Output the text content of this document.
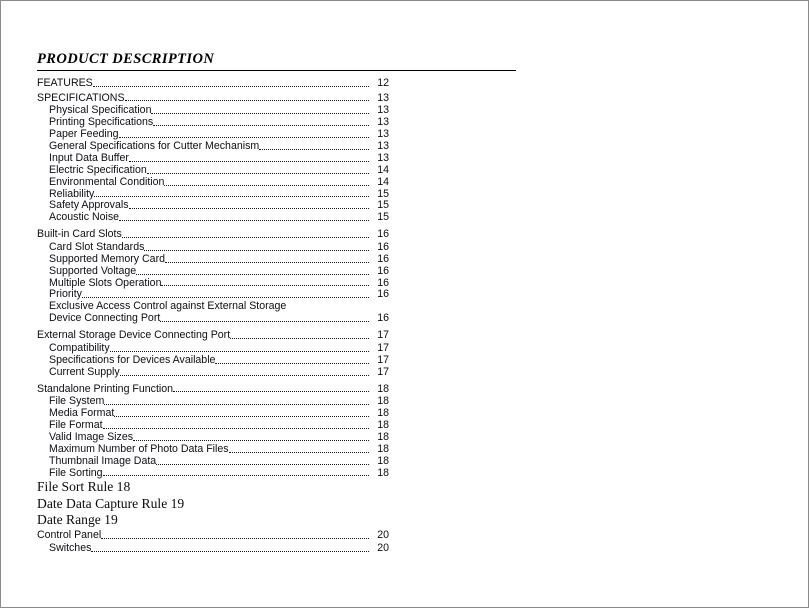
PRODUCT DESCRIPTION
FEATURES	12
SPECIFICATIONS	13
Physical Specification	13
Printing Specifications	13
Paper Feeding	13
General Specifications for Cutter Mechanism	13
Input Data Buffer	13
Electric Specification	14
Environmental Condition	14
Reliability	15
Safety Approvals	15
Acoustic Noise	15
Built-in Card Slots	16
Card Slot Standards	16
Supported Memory Card	16
Supported Voltage	16
Multiple Slots Operation	16
Priority	16
Exclusive Access Control against External Storage
Device Connecting Port	16
External Storage Device Connecting Port	17
Compatibility	17
Specifications for Devices Available	17
Current Supply	17
Standalone Printing Function	18
File System	18
Media Format	18
File Format	18
Valid Image Sizes	18
Maximum Number of Photo Data Files	18
Thumbnail Image Data	18
File Sorting	18
File Sort Rule 18
Date Data Capture Rule 19
Date Range 19
Control Panel	20
Switches	20
